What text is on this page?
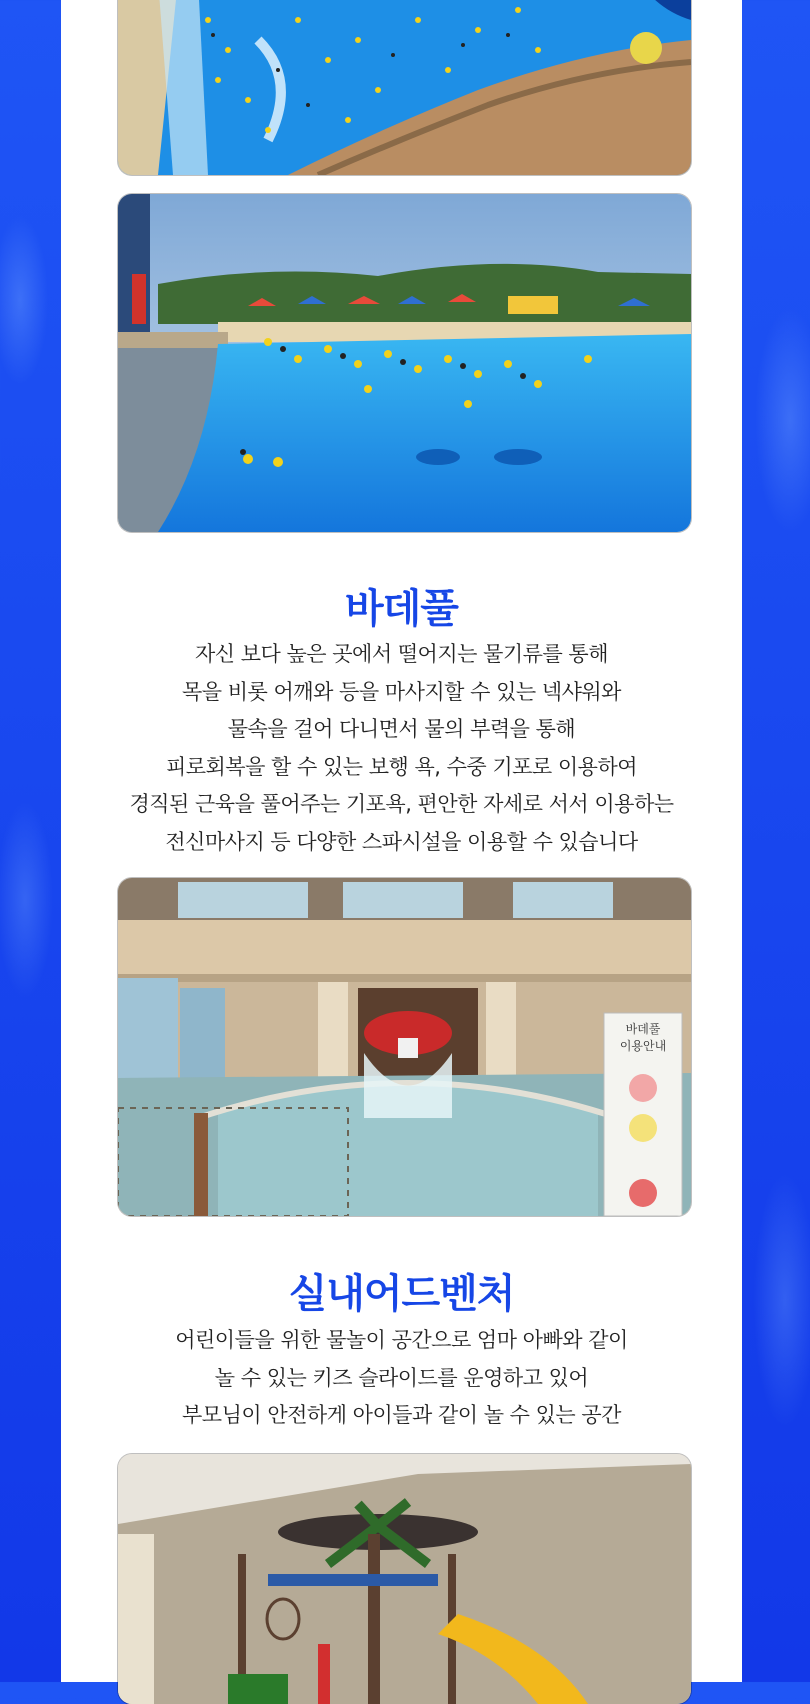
바데풀

자신 보다 높은 곳에서 떨어지는 물기류를 통해
목을 비롯 어깨와 등을 마사지할 수 있는 넥샤워와
물속을 걸어 다니면서 물의 부력을 통해
피로회복을 할 수 있는 보행 욕, 수중 기포로 이용하여
경직된 근육을 풀어주는 기포욕, 편안한 자세로 서서 이용하는
전신마사지 등 다양한 스파시설을 이용할 수 있습니다

바데풀
이용안내
실내어드벤처

어린이들을 위한 물놀이 공간으로 엄마 아빠와 같이
놀 수 있는 키즈 슬라이드를 운영하고 있어
부모님이 안전하게 아이들과 같이 놀 수 있는 공간
